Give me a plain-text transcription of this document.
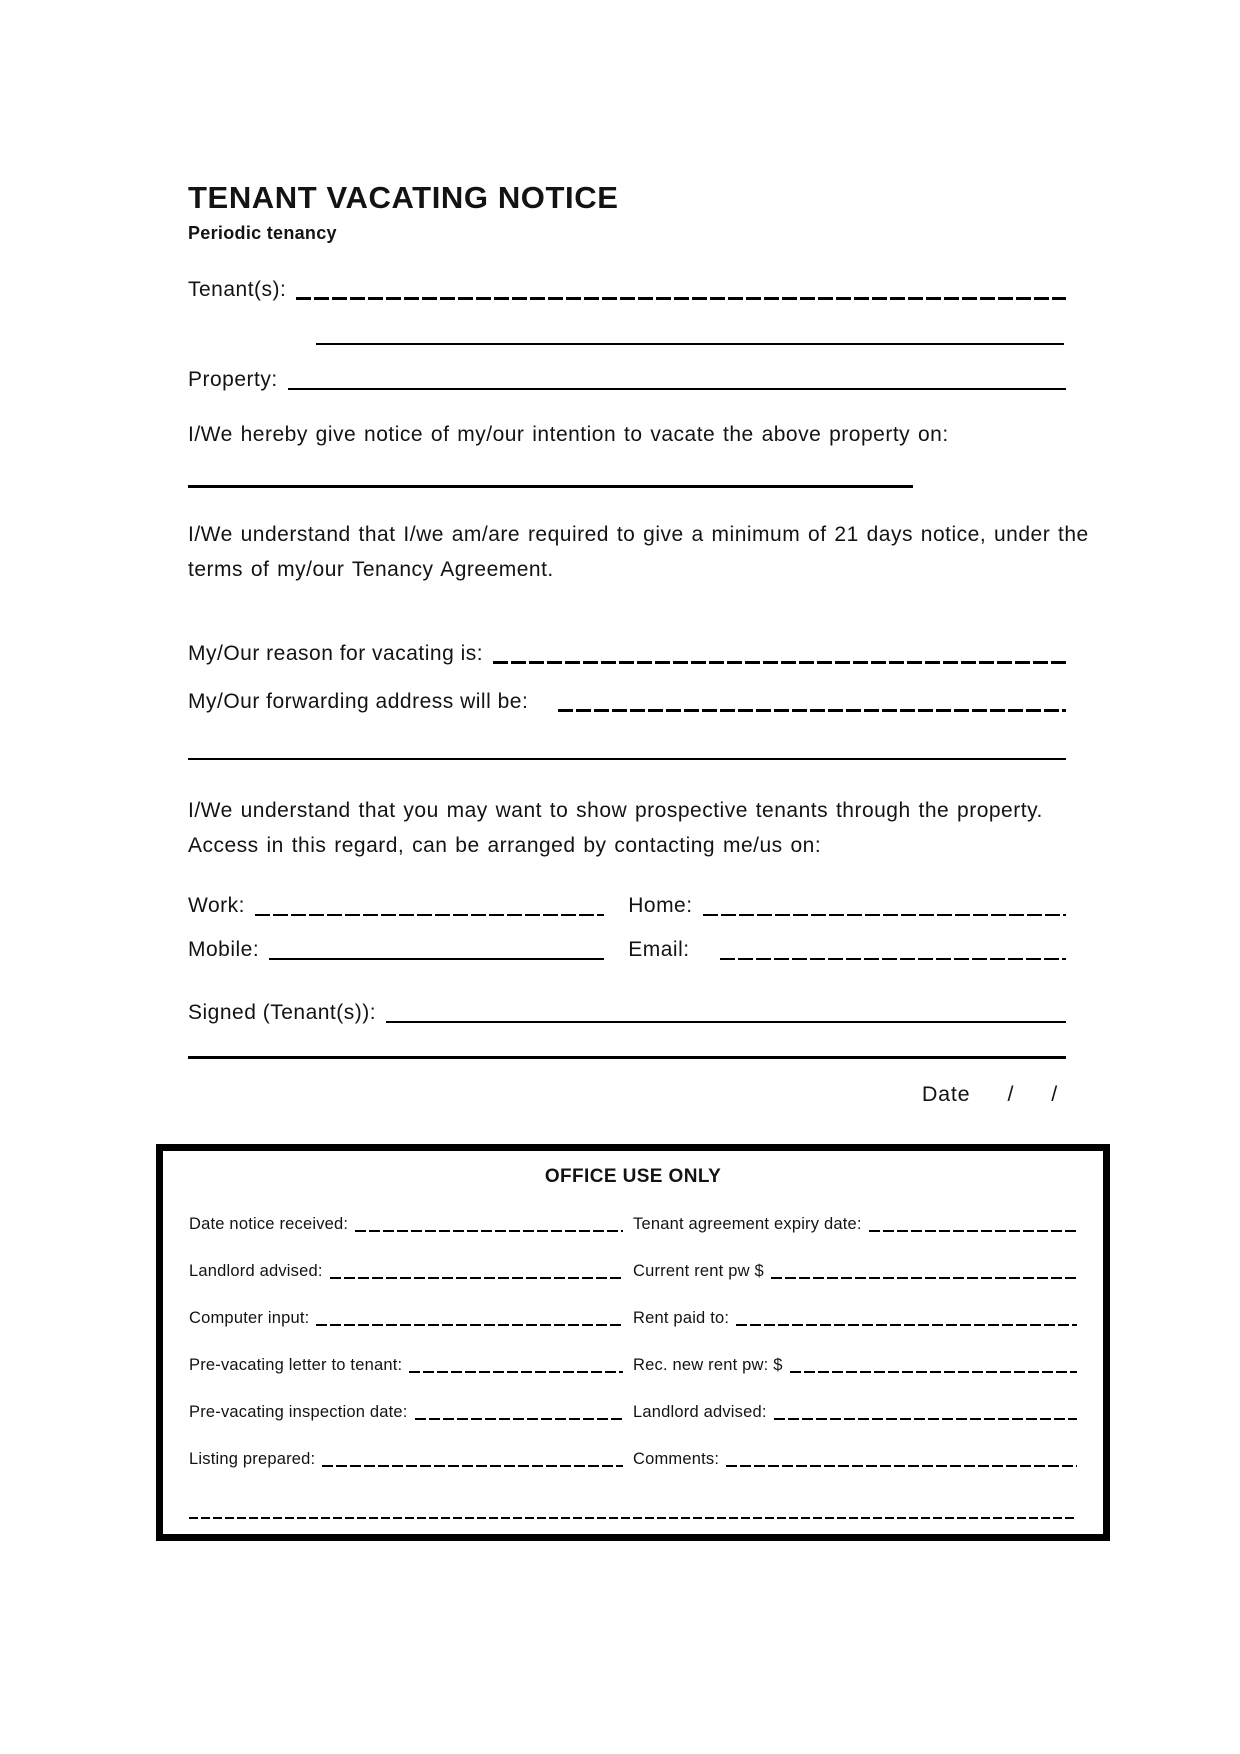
TENANT VACATING NOTICE
Periodic tenancy
Tenant(s):
Property:

I/We hereby give notice of my/our intention to vacate the above property on:

I/We understand that I/we am/are required to give a minimum of 21 days notice, under the terms of my/our Tenancy Agreement.

My/Our reason for vacating is:
My/Our forwarding address will be:

I/We understand that you may want to show prospective tenants through the property. Access in this regard, can be arranged by contacting me/us on:

Work:	Home:
Mobile:	Email:
Signed (Tenant(s)):
Date / /
OFFICE USE ONLY
Date notice received:	Tenant agreement expiry date:
Landlord advised:	Current rent pw $
Computer input:	Rent paid to:
Pre-vacating letter to tenant:	Rec. new rent pw: $
Pre-vacating inspection date:	Landlord advised:
Listing prepared:	Comments:
